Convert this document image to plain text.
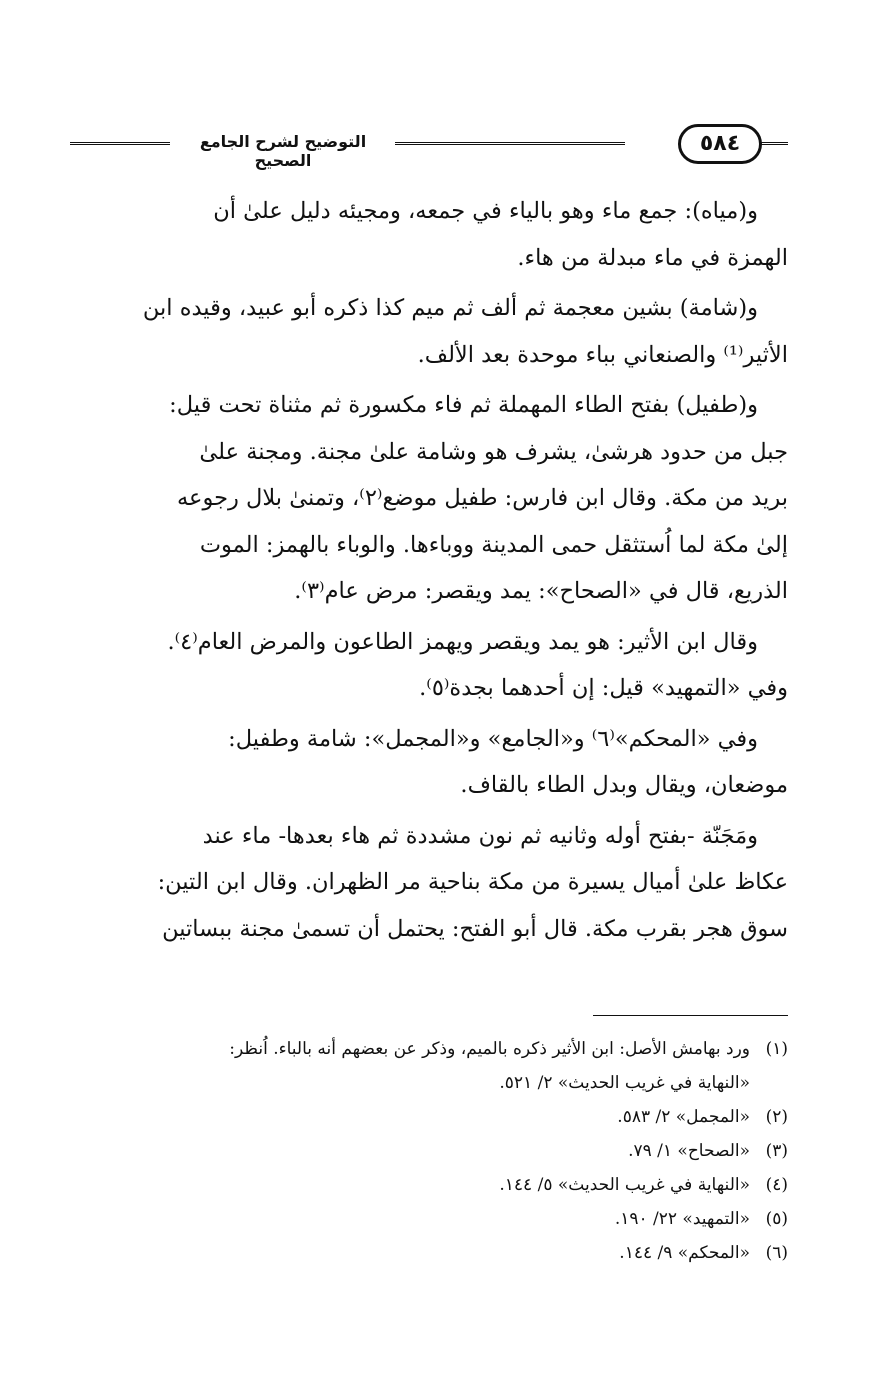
التوضيح لشرح الجامع الصحيح
٥٨٤

و(مياه): جمع ماء وهو بالياء في جمعه، ومجيئه دليل علىٰ أن
الهمزة في ماء مبدلة من هاء.

و(شامة) بشين معجمة ثم ألف ثم ميم كذا ذكره أبو عبيد، وقيده ابن
الأثير⁽¹⁾ والصنعاني بباء موحدة بعد الألف.

و(طفيل) بفتح الطاء المهملة ثم فاء مكسورة ثم مثناة تحت قيل:
جبل من حدود هرشىٰ، يشرف هو وشامة علىٰ مجنة. ومجنة علىٰ
بريد من مكة. وقال ابن فارس: طفيل موضع⁽٢⁾، وتمنىٰ بلال رجوعه
إلىٰ مكة لما اُستثقل حمى المدينة ووباءها. والوباء بالهمز: الموت
الذريع، قال في «الصحاح»: يمد ويقصر: مرض عام⁽٣⁾.

وقال ابن الأثير: هو يمد ويقصر ويهمز الطاعون والمرض العام⁽٤⁾.
وفي «التمهيد» قيل: إن أحدهما بجدة⁽٥⁾.

وفي «المحكم»⁽٦⁾ و«الجامع» و«المجمل»: شامة وطفيل:
موضعان، ويقال وبدل الطاء بالقاف.

ومَجَنّة -بفتح أوله وثانيه ثم نون مشددة ثم هاء بعدها- ماء عند
عكاظ علىٰ أميال يسيرة من مكة بناحية مر الظهران. وقال ابن التين:
سوق هجر بقرب مكة. قال أبو الفتح: يحتمل أن تسمىٰ مجنة ببساتين

(١)
ورد بهامش الأصل: ابن الأثير ذكره بالميم، وذكر عن بعضهم أنه بالباء. اُنظر:
«النهاية في غريب الحديث» ٢/ ٥٢١.
(٢)
«المجمل» ٢/ ٥٨٣.
(٣)
«الصحاح» ١/ ٧٩.
(٤)
«النهاية في غريب الحديث» ٥/ ١٤٤.
(٥)
«التمهيد» ٢٢/ ١٩٠.
(٦)
«المحكم» ٩/ ١٤٤.
